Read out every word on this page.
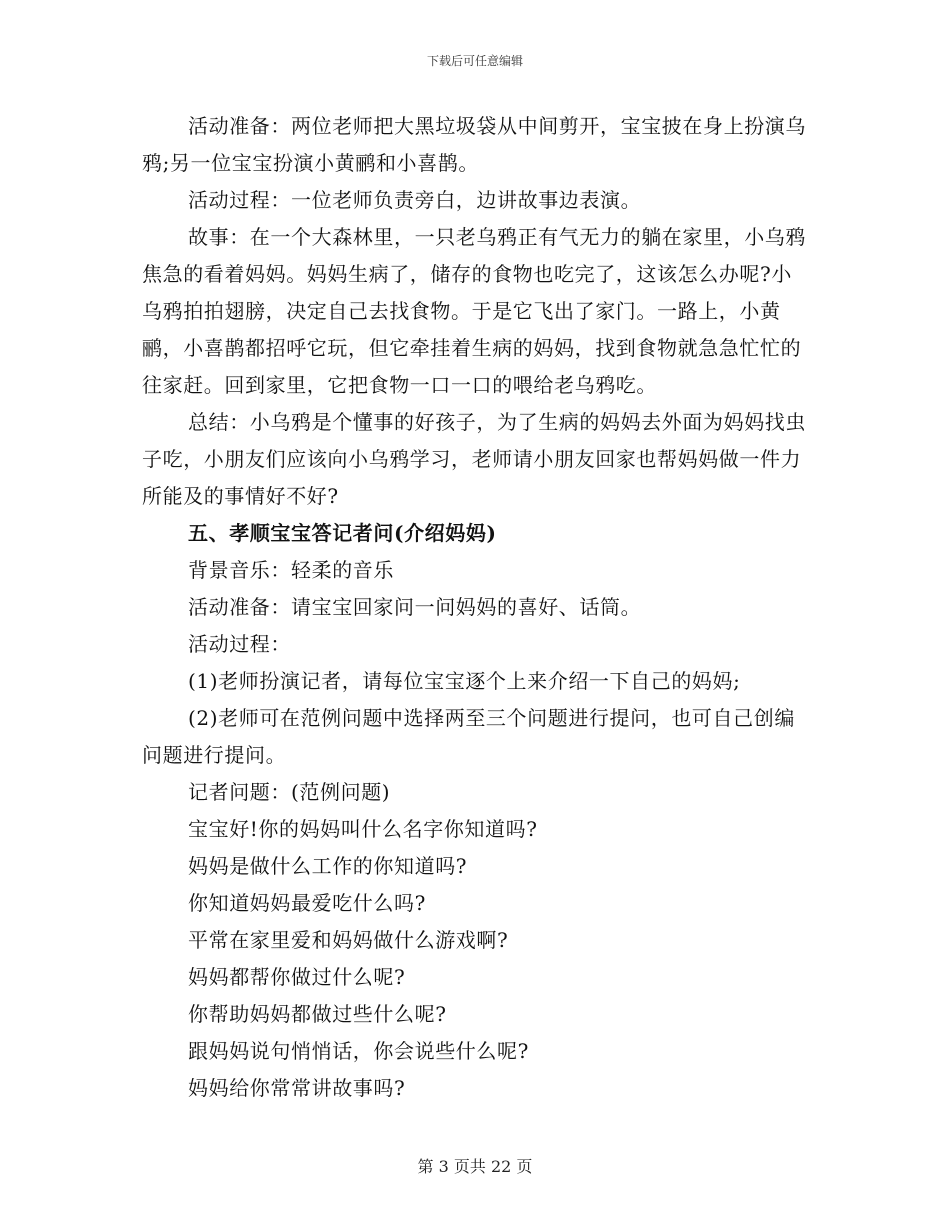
下载后可任意编辑

活动准备：两位老师把大黑垃圾袋从中间剪开，宝宝披在身上扮演乌鸦;另一位宝宝扮演小黄鹂和小喜鹊。

活动过程：一位老师负责旁白，边讲故事边表演。

故事：在一个大森林里，一只老乌鸦正有气无力的躺在家里，小乌鸦焦急的看着妈妈。妈妈生病了，储存的食物也吃完了，这该怎么办呢?小乌鸦拍拍翅膀，决定自己去找食物。于是它飞出了家门。一路上，小黄鹂，小喜鹊都招呼它玩，但它牵挂着生病的妈妈，找到食物就急急忙忙的往家赶。回到家里，它把食物一口一口的喂给老乌鸦吃。

总结：小乌鸦是个懂事的好孩子，为了生病的妈妈去外面为妈妈找虫子吃，小朋友们应该向小乌鸦学习，老师请小朋友回家也帮妈妈做一件力所能及的事情好不好?

五、孝顺宝宝答记者问(介绍妈妈)

背景音乐：轻柔的音乐

活动准备：请宝宝回家问一问妈妈的喜好、话筒。

活动过程：

(1)老师扮演记者，请每位宝宝逐个上来介绍一下自己的妈妈;

(2)老师可在范例问题中选择两至三个问题进行提问，也可自己创编问题进行提问。

记者问题：(范例问题)

宝宝好!你的妈妈叫什么名字你知道吗?

妈妈是做什么工作的你知道吗?

你知道妈妈最爱吃什么吗?

平常在家里爱和妈妈做什么游戏啊?

妈妈都帮你做过什么呢?

你帮助妈妈都做过些什么呢?

跟妈妈说句悄悄话，你会说些什么呢?

妈妈给你常常讲故事吗?

第 3 页共 22 页
